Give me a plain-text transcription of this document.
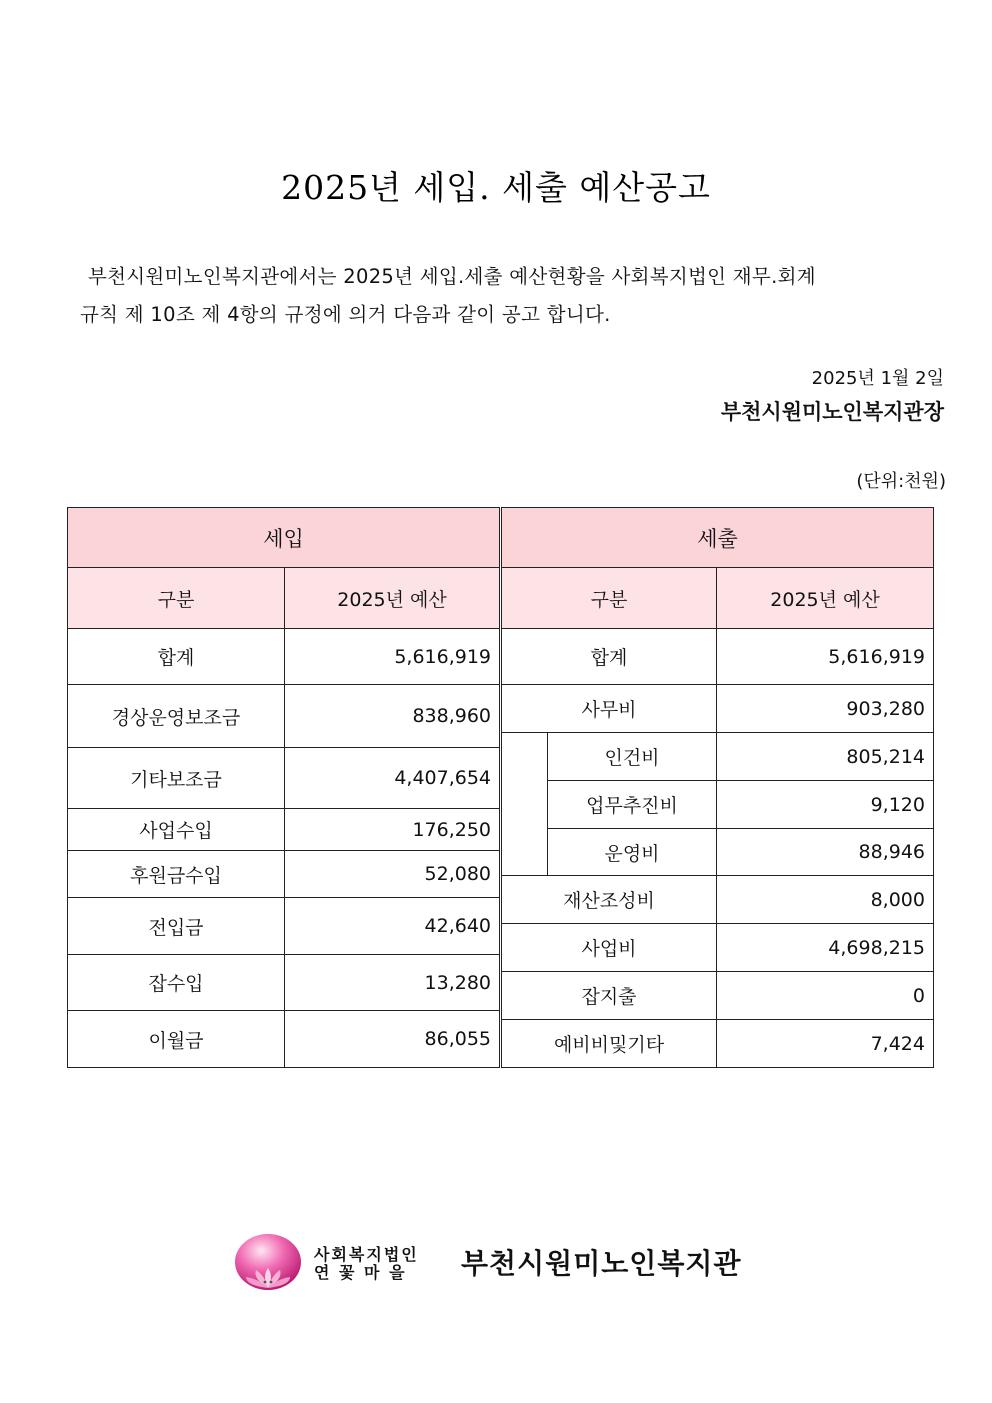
2025년 세입. 세출 예산공고
부천시원미노인복지관에서는 2025년 세입.세출 예산현황을 사회복지법인 재무.회계
규칙 제 10조 제 4항의 규정에 의거 다음과 같이 공고 합니다.
2025년 1월 2일
부천시원미노인복지관장
(단위:천원)
세입	
구분	2025년 예산
합계	5,616,919
경상운영보조금	838,960
기타보조금	4,407,654
사업수입	176,250
후원금수입	52,080
전입금	42,640
잡수입	13,280
이월금	86,055
세출		
구분		2025년 예산
합계		5,616,919
사무비		903,280
	인건비	805,214
	업무추진비	9,120
	운영비	88,946
재산조성비		8,000
사업비		4,698,215
잡지출		0
예비비및기타		7,424
사회복지법인
연 꽃 마 을 부천시원미노인복지관
